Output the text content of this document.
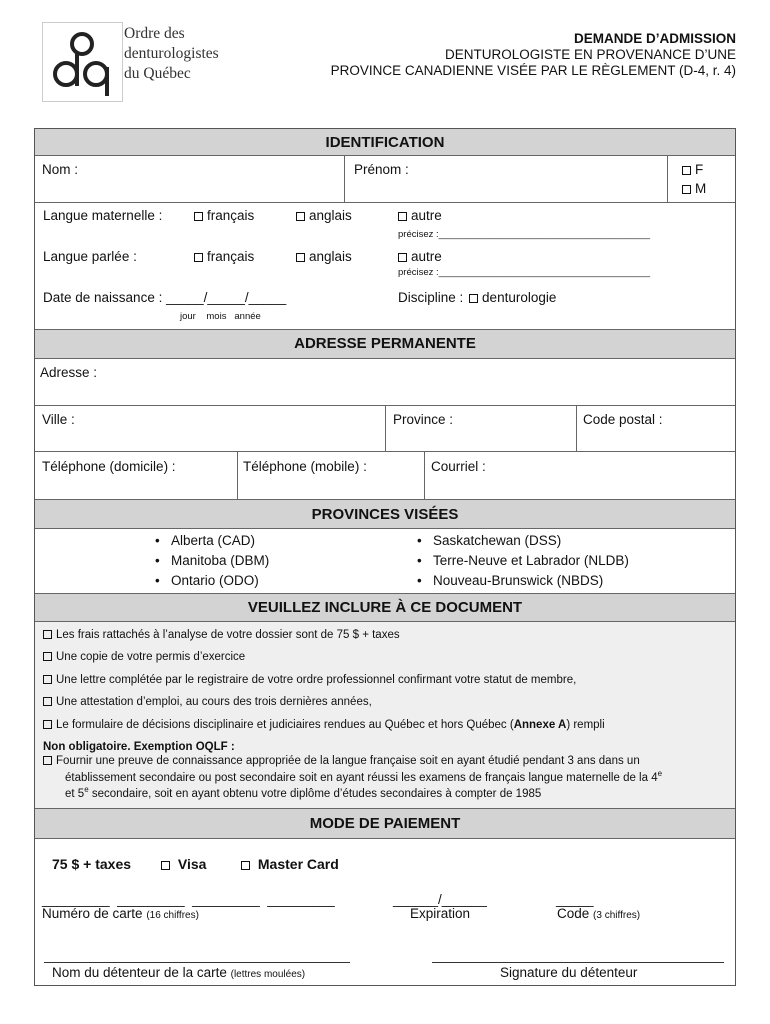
Ordre des
denturologistes
du Québec
DEMANDE D’ADMISSION
DENTUROLOGISTE EN PROVENANCE D’UNE
PROVINCE CANADIENNE VISÉE PAR LE RÈGLEMENT (D-4, r. 4)
IDENTIFICATION
Nom :	Prénom :	F
M
Langue maternelle :	français	anglais	autre
précisez :________________________________________
Langue parlée :	français	anglais	autre
précisez :________________________________________
Date de naissance : _____/_____/_____
jour    mois   année
Discipline : denturologie
ADRESSE PERMANENTE
Adresse :
Ville :	Province :	Code postal :
Téléphone (domicile) :	Téléphone (mobile) :	Courriel :
PROVINCES VISÉES
• Alberta (CAD)
• Manitoba (DBM)
• Ontario (ODO)
• Saskatchewan (DSS)
• Terre-Neuve et Labrador (NLDB)
• Nouveau-Brunswick (NBDS)
VEUILLEZ INCLURE À CE DOCUMENT
Les frais rattachés à l’analyse de votre dossier sont de 75 $ + taxes
Une copie de votre permis d’exercice
Une lettre complétée par le registraire de votre ordre professionnel confirmant votre statut de membre,
Une attestation d’emploi, au cours des trois dernières années,
Le formulaire de décisions disciplinaire et judiciaires rendues au Québec et hors Québec (Annexe A) rempli
Non obligatoire. Exemption OQLF :
Fournir une preuve de connaissance appropriée de la langue française soit en ayant étudié pendant 3 ans dans un
établissement secondaire ou post secondaire soit en ayant réussi les examens de français langue maternelle de la 4e
et 5e secondaire, soit en ayant obtenu votre diplôme d’études secondaires à compter de 1985
MODE DE PAIEMENT
75 $ + taxes	Visa	Master Card
_________  _________  _________  _________	______/______	_____
Numéro de carte (16 chiffres)	Expiration	Code (3 chiffres)
Nom du détenteur de la carte (lettres moulées)	Signature du détenteur
